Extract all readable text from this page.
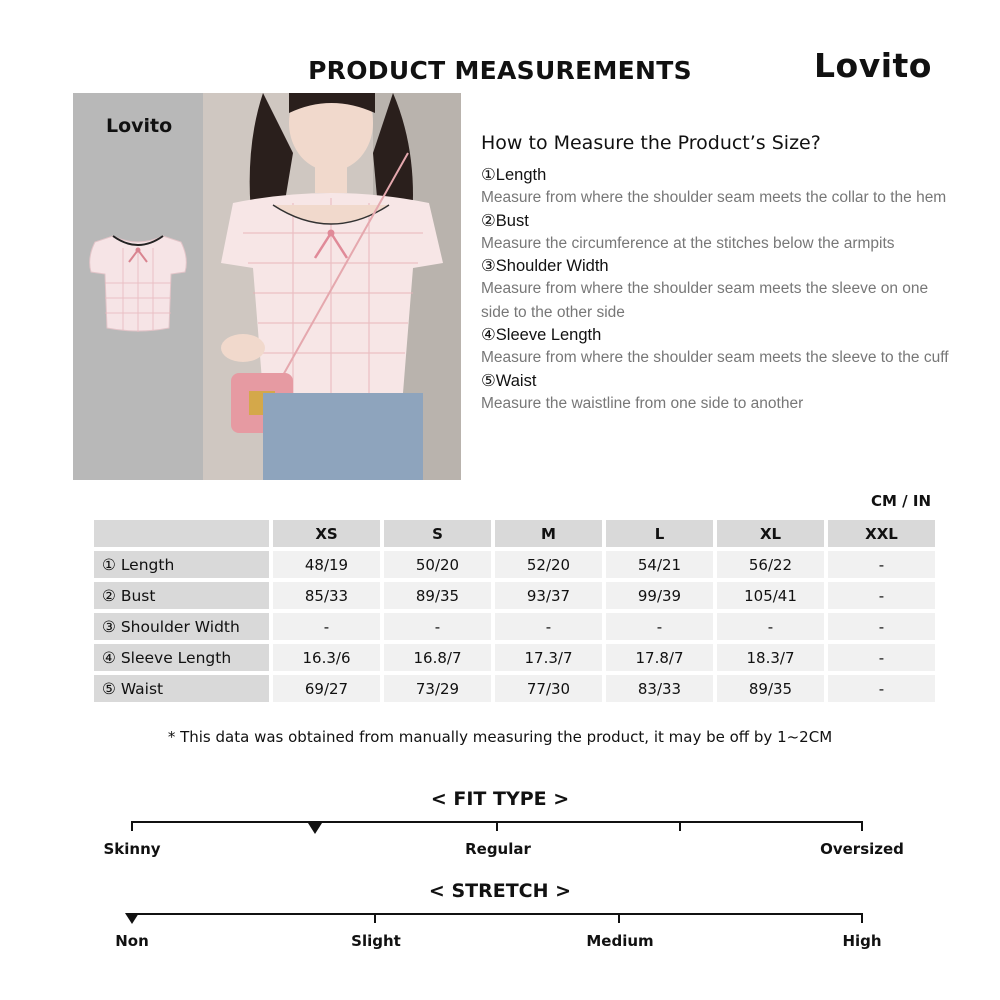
PRODUCT MEASUREMENTS	Lovito
Lovito
How to Measure the Product’s Size?
①Length
Measure from where the shoulder seam meets the collar to the hem
②Bust
Measure the circumference at the stitches below the armpits
③Shoulder Width
Measure from where the shoulder seam meets the sleeve on one side to the other side
④Sleeve Length
Measure from where the shoulder seam meets the sleeve to the cuff
⑤Waist
Measure the waistline from one side to another
CM / IN
	XS	S	M	L	XL	XXL
① Length	48/19	50/20	52/20	54/21	56/22	-
② Bust	85/33	89/35	93/37	99/39	105/41	-
③ Shoulder Width	-	-	-	-	-	-
④ Sleeve Length	16.3/6	16.8/7	17.3/7	17.8/7	18.3/7	-
⑤ Waist	69/27	73/29	77/30	83/33	89/35	-
* This data was obtained from manually measuring the product, it may be off by 1~2CM
< FIT TYPE >
Skinny	Regular	Oversized
< STRETCH >
Non	Slight	Medium	High
